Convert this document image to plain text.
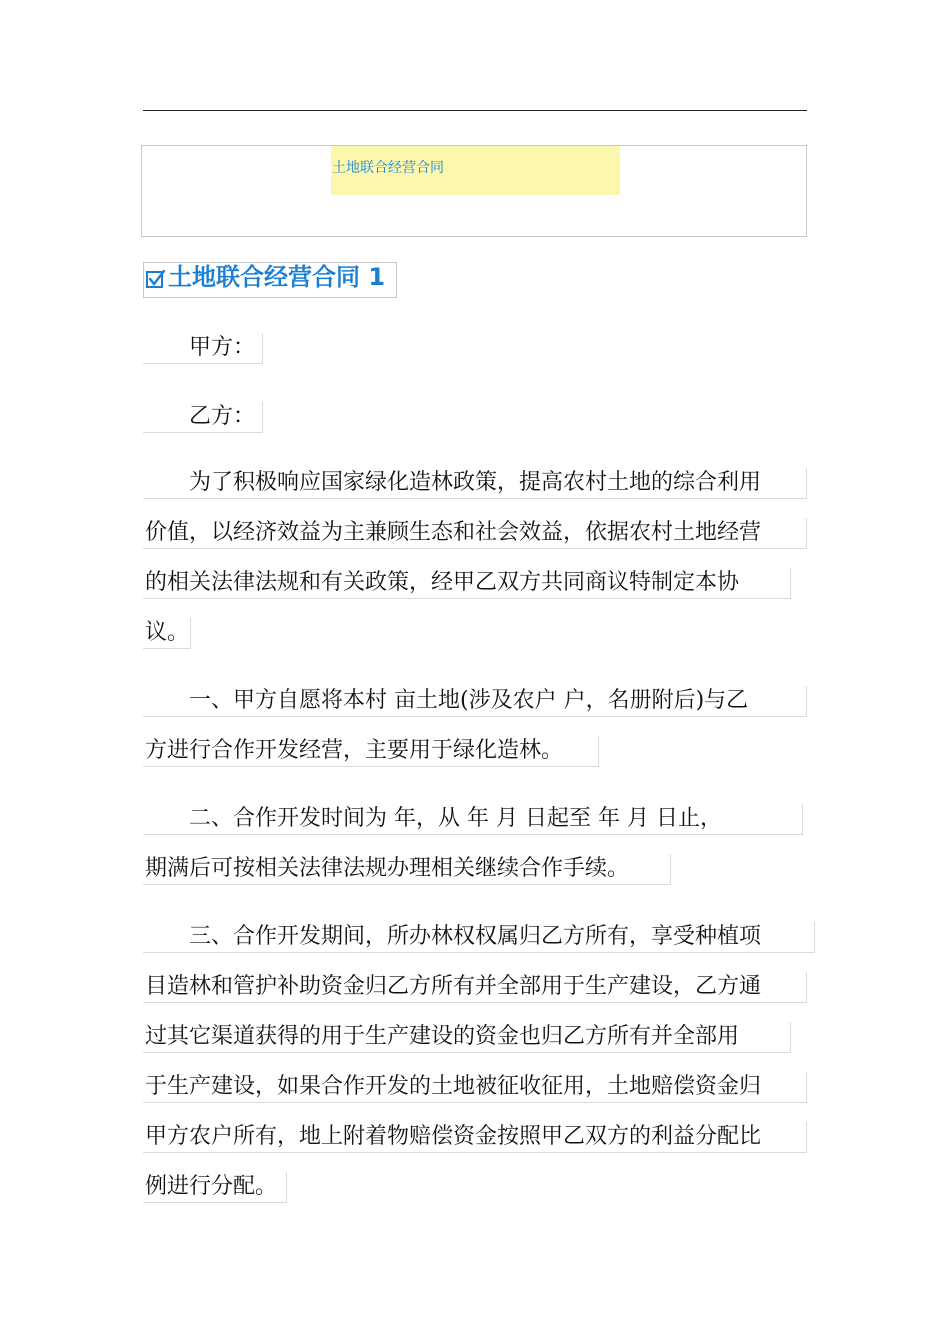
土地联合经营合同
土地联合经营合同 1
　　甲方：
　　乙方：
　　为了积极响应国家绿化造林政策，提高农村土地的综合利用
价值，以经济效益为主兼顾生态和社会效益，依据农村土地经营
的相关法律法规和有关政策，经甲乙双方共同商议特制定本协
议。
　　一、甲方自愿将本村 亩土地(涉及农户 户，名册附后)与乙
方进行合作开发经营，主要用于绿化造林。
　　二、合作开发时间为 年，从 年 月 日起至 年 月 日止，
期满后可按相关法律法规办理相关继续合作手续。
　　三、合作开发期间，所办林权权属归乙方所有，享受种植项
目造林和管护补助资金归乙方所有并全部用于生产建设，乙方通
过其它渠道获得的用于生产建设的资金也归乙方所有并全部用
于生产建设，如果合作开发的土地被征收征用，土地赔偿资金归
甲方农户所有，地上附着物赔偿资金按照甲乙双方的利益分配比
例进行分配。
